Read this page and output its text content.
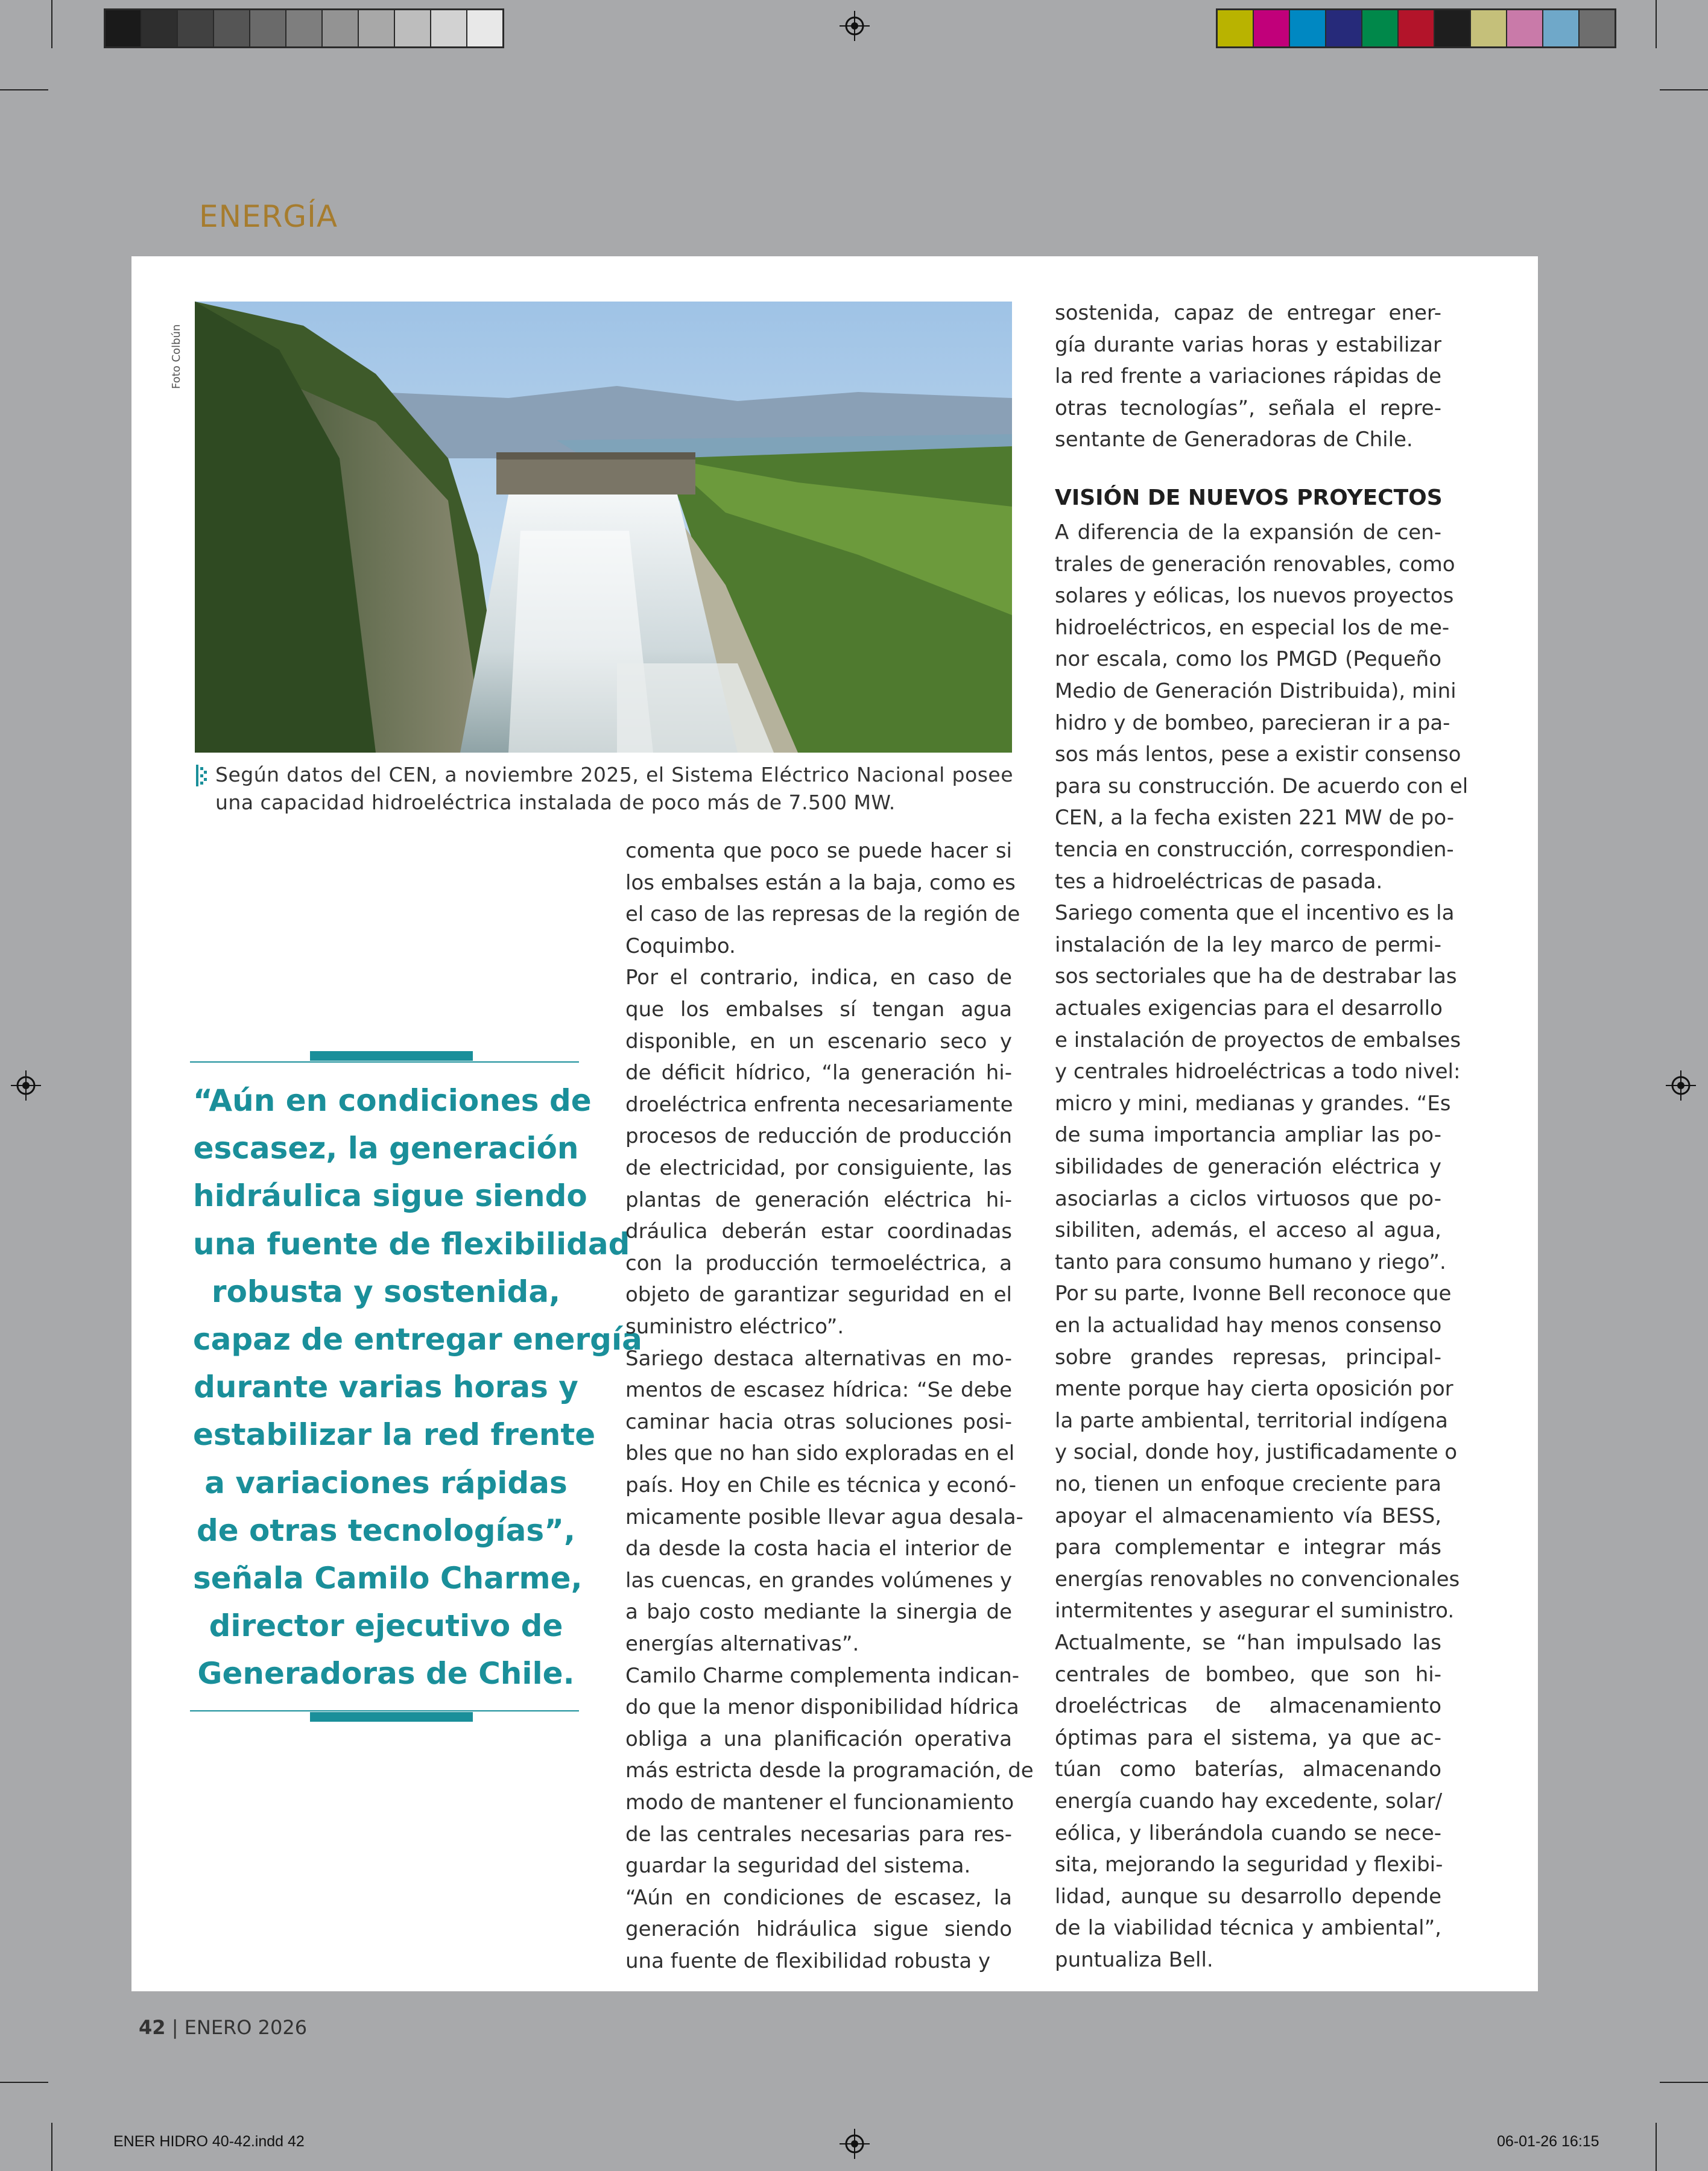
ENERGÍA
Según datos del CEN, a noviembre 2025, el Sistema Eléctrico Nacional posee una capacidad hidroeléctrica instalada de poco más de 7.500 MW.
“Aún en condiciones de
escasez, la generación
hidráulica sigue siendo
una fuente de flexibilidad
robusta y sostenida,
capaz de entregar energía
durante varias horas y
estabilizar la red frente
a variaciones rápidas
de otras tecnologías”,
señala Camilo Charme,
director ejecutivo de
Generadoras de Chile.
comenta que poco se puede hacer si
los embalses están a la baja, como es
el caso de las represas de la región de
Coquimbo.
Por el contrario, indica, en caso de
que los embalses sí tengan agua
disponible, en un escenario seco y
de déficit hídrico, “la generación hi-
droeléctrica enfrenta necesariamente
procesos de reducción de producción
de electricidad, por consiguiente, las
plantas de generación eléctrica hi-
dráulica deberán estar coordinadas
con la producción termoeléctrica, a
objeto de garantizar seguridad en el
suministro eléctrico”.
Sariego destaca alternativas en mo-
mentos de escasez hídrica: “Se debe
caminar hacia otras soluciones posi-
bles que no han sido exploradas en el
país. Hoy en Chile es técnica y econó-
micamente posible llevar agua desala-
da desde la costa hacia el interior de
las cuencas, en grandes volúmenes y
a bajo costo mediante la sinergia de
energías alternativas”.
Camilo Charme complementa indican-
do que la menor disponibilidad hídrica
obliga a una planificación operativa
más estricta desde la programación, de
modo de mantener el funcionamiento
de las centrales necesarias para res-
guardar la seguridad del sistema.
“Aún en condiciones de escasez, la
generación hidráulica sigue siendo
una fuente de flexibilidad robusta y
sostenida, capaz de entregar ener-
gía durante varias horas y estabilizar
la red frente a variaciones rápidas de
otras tecnologías”, señala el repre-
sentante de Generadoras de Chile.
VISIÓN DE NUEVOS PROYECTOS
A diferencia de la expansión de cen-
trales de generación renovables, como
solares y eólicas, los nuevos proyectos
hidroeléctricos, en especial los de me-
nor escala, como los PMGD (Pequeño
Medio de Generación Distribuida), mini
hidro y de bombeo, parecieran ir a pa-
sos más lentos, pese a existir consenso
para su construcción. De acuerdo con el
CEN, a la fecha existen 221 MW de po-
tencia en construcción, correspondien-
tes a hidroeléctricas de pasada.
Sariego comenta que el incentivo es la
instalación de la ley marco de permi-
sos sectoriales que ha de destrabar las
actuales exigencias para el desarrollo
e instalación de proyectos de embalses
y centrales hidroeléctricas a todo nivel:
micro y mini, medianas y grandes. “Es
de suma importancia ampliar las po-
sibilidades de generación eléctrica y
asociarlas a ciclos virtuosos que po-
sibiliten, además, el acceso al agua,
tanto para consumo humano y riego”.
Por su parte, Ivonne Bell reconoce que
en la actualidad hay menos consenso
sobre grandes represas, principal-
mente porque hay cierta oposición por
la parte ambiental, territorial indígena
y social, donde hoy, justificadamente o
no, tienen un enfoque creciente para
apoyar el almacenamiento vía BESS,
para complementar e integrar más
energías renovables no convencionales
intermitentes y asegurar el suministro.
Actualmente, se “han impulsado las
centrales de bombeo, que son hi-
droeléctricas de almacenamiento
óptimas para el sistema, ya que ac-
túan como baterías, almacenando
energía cuando hay excedente, solar/
eólica, y liberándola cuando se nece-
sita, mejorando la seguridad y flexibi-
lidad, aunque su desarrollo depende
de la viabilidad técnica y ambiental”,
puntualiza Bell.
42 | ENERO 2026
ENER HIDRO 40-42.indd 42	06-01-26 16:15
